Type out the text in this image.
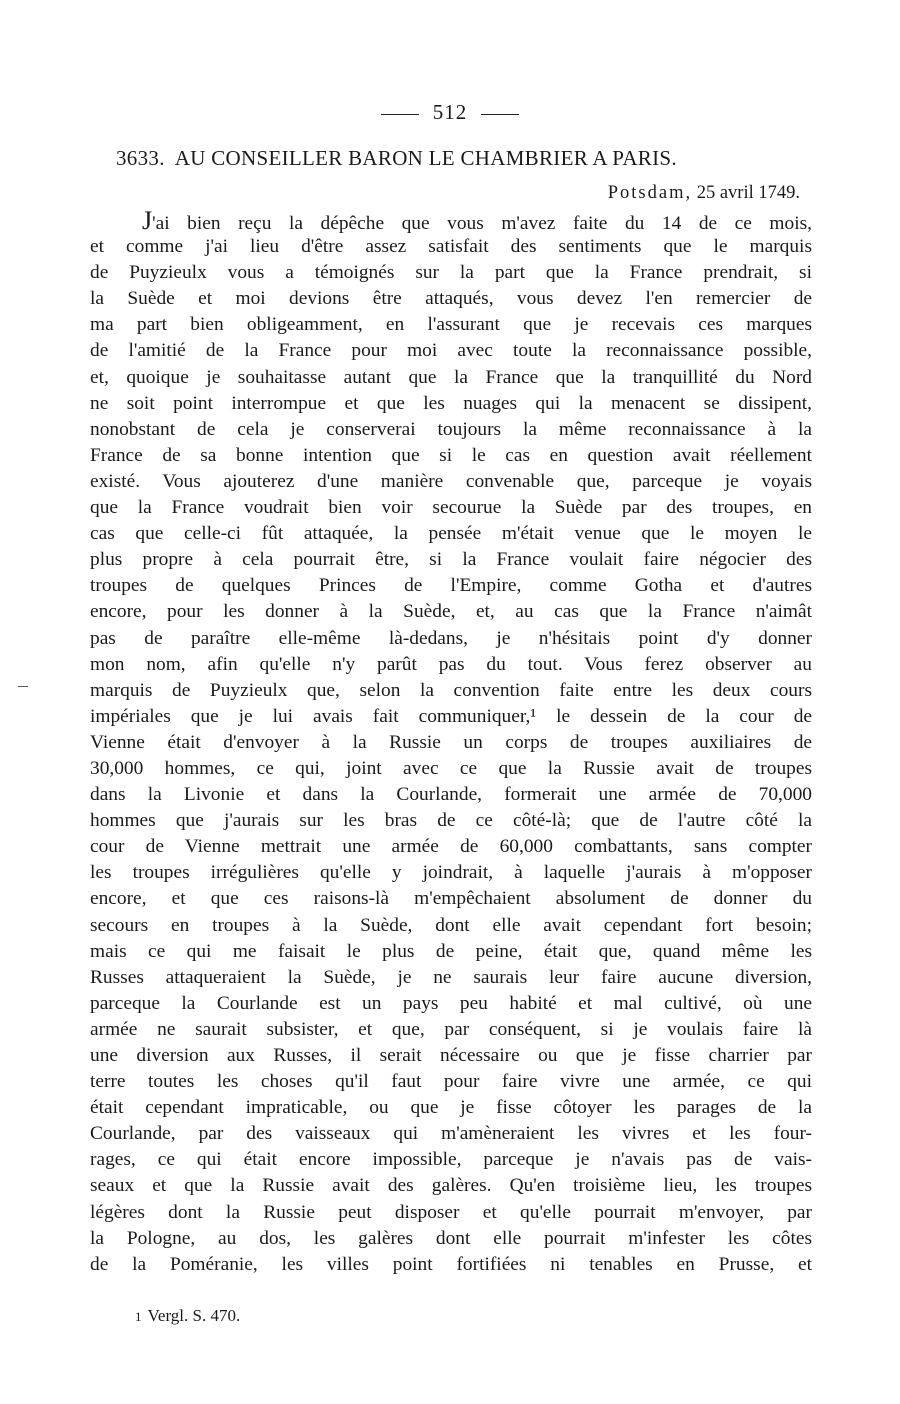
512
3633. AU CONSEILLER BARON LE CHAMBRIER A PARIS.
Potsdam, 25 avril 1749.
J'ai bien reçu la dépêche que vous m'avez faite du 14 de ce mois,
et comme j'ai lieu d'être assez satisfait des sentiments que le marquis
de Puyzieulx vous a témoignés sur la part que la France prendrait, si
la Suède et moi devions être attaqués, vous devez l'en remercier de
ma part bien obligeamment, en l'assurant que je recevais ces marques
de l'amitié de la France pour moi avec toute la reconnaissance possible,
et, quoique je souhaitasse autant que la France que la tranquillité du Nord
ne soit point interrompue et que les nuages qui la menacent se dissipent,
nonobstant de cela je conserverai toujours la même reconnaissance à la
France de sa bonne intention que si le cas en question avait réellement
existé. Vous ajouterez d'une manière convenable que, parceque je voyais
que la France voudrait bien voir secourue la Suède par des troupes, en
cas que celle-ci fût attaquée, la pensée m'était venue que le moyen le
plus propre à cela pourrait être, si la France voulait faire négocier des
troupes de quelques Princes de l'Empire, comme Gotha et d'autres
encore, pour les donner à la Suède, et, au cas que la France n'aimât
pas de paraître elle-même là-dedans, je n'hésitais point d'y donner
mon nom, afin qu'elle n'y parût pas du tout. Vous ferez observer au
marquis de Puyzieulx que, selon la convention faite entre les deux cours
impériales que je lui avais fait communiquer,¹ le dessein de la cour de
Vienne était d'envoyer à la Russie un corps de troupes auxiliaires de
30,000 hommes, ce qui, joint avec ce que la Russie avait de troupes
dans la Livonie et dans la Courlande, formerait une armée de 70,000
hommes que j'aurais sur les bras de ce côté-là; que de l'autre côté la
cour de Vienne mettrait une armée de 60,000 combattants, sans compter
les troupes irrégulières qu'elle y joindrait, à laquelle j'aurais à m'opposer
encore, et que ces raisons-là m'empêchaient absolument de donner du
secours en troupes à la Suède, dont elle avait cependant fort besoin;
mais ce qui me faisait le plus de peine, était que, quand même les
Russes attaqueraient la Suède, je ne saurais leur faire aucune diversion,
parceque la Courlande est un pays peu habité et mal cultivé, où une
armée ne saurait subsister, et que, par conséquent, si je voulais faire là
une diversion aux Russes, il serait nécessaire ou que je fisse charrier par
terre toutes les choses qu'il faut pour faire vivre une armée, ce qui
était cependant impraticable, ou que je fisse côtoyer les parages de la
Courlande, par des vaisseaux qui m'amèneraient les vivres et les four-
rages, ce qui était encore impossible, parceque je n'avais pas de vais-
seaux et que la Russie avait des galères. Qu'en troisième lieu, les troupes
légères dont la Russie peut disposer et qu'elle pourrait m'envoyer, par
la Pologne, au dos, les galères dont elle pourrait m'infester les côtes
de la Poméranie, les villes point fortifiées ni tenables en Prusse, et
1 Vergl. S. 470.
